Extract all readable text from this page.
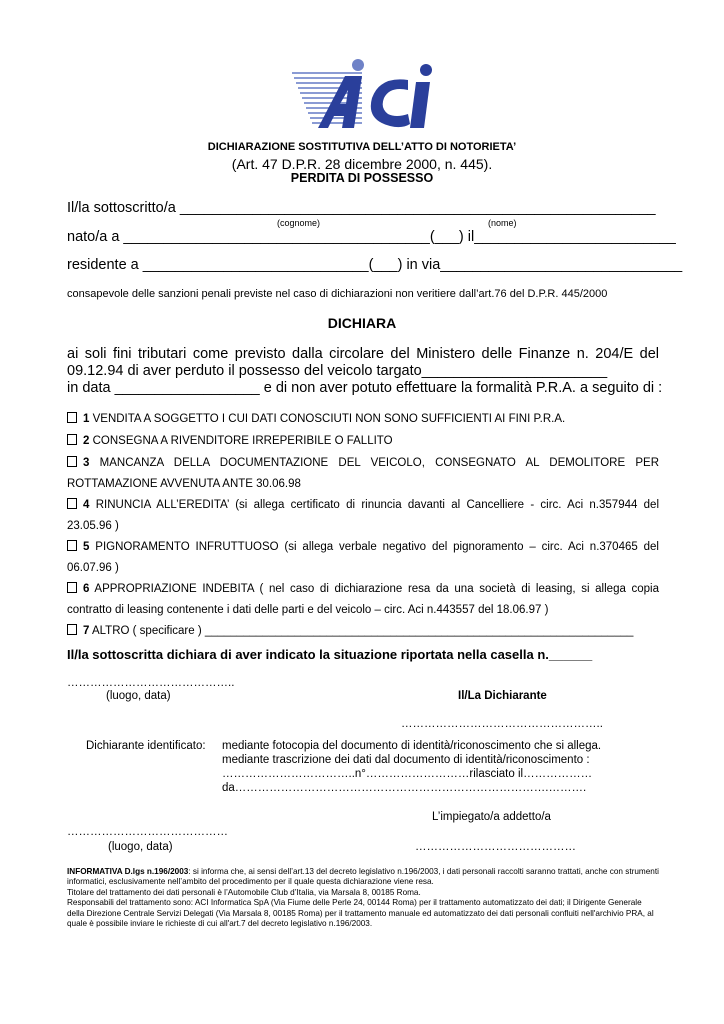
DICHIARAZIONE SOSTITUTIVA DELL’ATTO DI NOTORIETA’
(Art. 47 D.P.R. 28 dicembre 2000, n. 445).
PERDITA DI POSSESSO
Il/la sottoscritto/a ___________________________________________________________
(cognome)	(nome)
nato/a a ______________________________________(___) il_________________________
residente a ____________________________(___) in via______________________________
consapevole delle sanzioni penali previste nel caso di dichiarazioni non veritiere dall’art.76 del D.P.R. 445/2000
DICHIARA
ai soli fini tributari come previsto dalla circolare del Ministero delle Finanze n. 204/E del 09.12.94 di aver perduto il possesso del veicolo targato_______________________
in data __________________ e di non aver potuto effettuare la formalità P.R.A. a seguito di :
1 VENDITA A SOGGETTO I CUI DATI CONOSCIUTI NON SONO SUFFICIENTI AI FINI P.R.A.
2 CONSEGNA A RIVENDITORE IRREPERIBILE O FALLITO
3 MANCANZA DELLA DOCUMENTAZIONE DEL VEICOLO, CONSEGNATO AL DEMOLITORE PER ROTTAMAZIONE AVVENUTA ANTE 30.06.98
4 RINUNCIA ALL’EREDITA’ (si allega certificato di rinuncia davanti al Cancelliere - circ. Aci n.357944 del 23.05.96 )
5 PIGNORAMENTO INFRUTTUOSO (si allega verbale negativo del pignoramento – circ. Aci n.370465 del 06.07.96 )
6 APPROPRIAZIONE INDEBITA ( nel caso di dichiarazione resa da una società di leasing, si allega copia contratto di leasing contenente i dati delle parti e del veicolo – circ. Aci n.443557 del 18.06.97 )
7 ALTRO ( specificare ) ___________________________________________________________________
Il/la sottoscritta dichiara di aver indicato la situazione riportata nella casella n.______
……………………………………..
(luogo, data)	Il/La Dichiarante
……………………………………………..
Dichiarante identificato: mediante fotocopia del documento di identità/riconoscimento che si allega.
mediante trascrizione dei dati dal documento di identità/riconoscimento :
……………………………..n°………………………rilasciato il………………
da……………………………………………………………………….……….
L’impiegato/a addetto/a
……………………………………
(luogo, data)	……………………………………
INFORMATIVA D.lgs n.196/2003: si informa che, ai sensi dell’art.13 del decreto legislativo n.196/2003, i dati personali raccolti saranno trattati, anche con strumenti informatici, esclusivamente nell’ambito del procedimento per il quale questa dichiarazione viene resa.
Titolare del trattamento dei dati personali è l’Automobile Club d’Italia, via Marsala 8, 00185 Roma.
Responsabili del trattamento sono: ACI Informatica SpA (Via Fiume delle Perle 24, 00144 Roma) per il trattamento automatizzato dei dati; il Dirigente Generale della Direzione Centrale Servizi Delegati (Via Marsala 8, 00185 Roma) per il trattamento manuale ed automatizzato dei dati personali confluiti nell'archivio PRA, al quale è possibile inviare le richieste di cui all'art.7 del decreto legislativo n.196/2003.
